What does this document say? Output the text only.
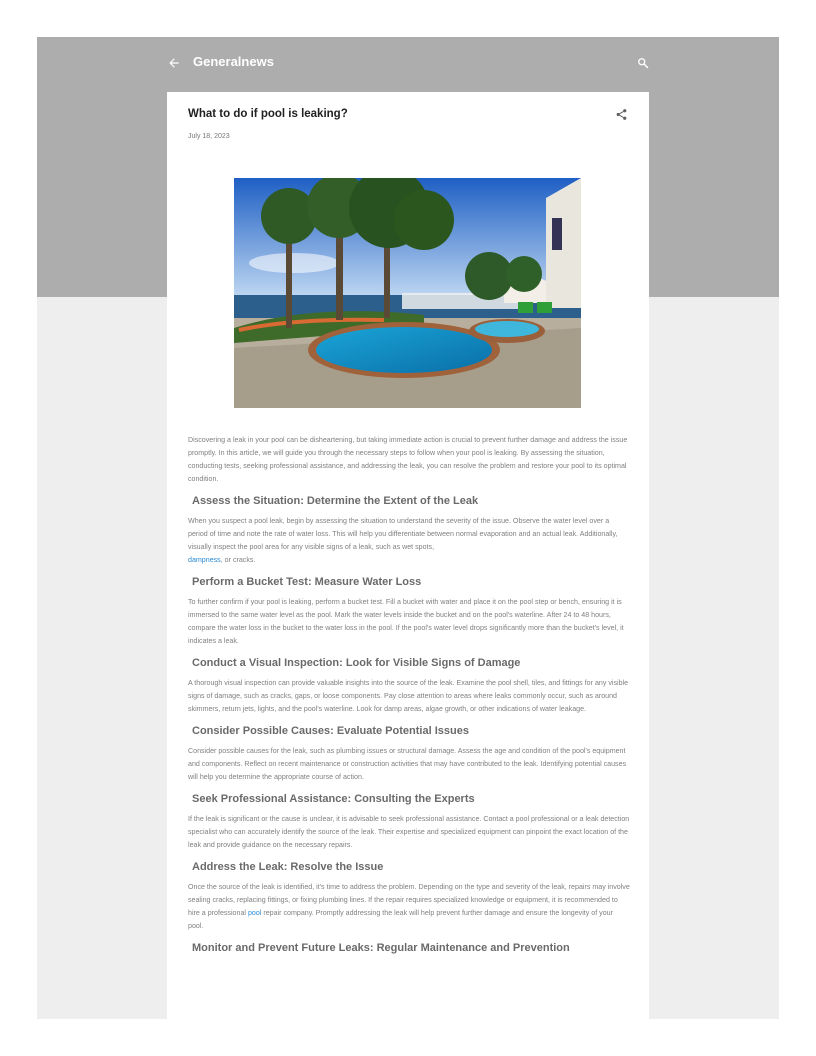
Generalnews
What to do if pool is leaking?
July 18, 2023

Discovering a leak in your pool can be disheartening, but taking immediate action is crucial to prevent further damage and address the issue promptly. In this article, we will guide you through the necessary steps to follow when your pool is leaking. By assessing the situation, conducting tests, seeking professional assistance, and addressing the leak, you can resolve the problem and restore your pool to its optimal condition.

Assess the Situation: Determine the Extent of the Leak

When you suspect a pool leak, begin by assessing the situation to understand the severity of the issue. Observe the water level over a period of time and note the rate of water loss. This will help you differentiate between normal evaporation and an actual leak. Additionally, visually inspect the pool area for any visible signs of a leak, such as wet spots,
dampness, or cracks.

Perform a Bucket Test: Measure Water Loss

To further confirm if your pool is leaking, perform a bucket test. Fill a bucket with water and place it on the pool step or bench, ensuring it is immersed to the same water level as the pool. Mark the water levels inside the bucket and on the pool's waterline. After 24 to 48 hours, compare the water loss in the bucket to the water loss in the pool. If the pool's water level drops significantly more than the bucket's level, it indicates a leak.

Conduct a Visual Inspection: Look for Visible Signs of Damage

A thorough visual inspection can provide valuable insights into the source of the leak. Examine the pool shell, tiles, and fittings for any visible signs of damage, such as cracks, gaps, or loose components. Pay close attention to areas where leaks commonly occur, such as around skimmers, return jets, lights, and the pool's waterline. Look for damp areas, algae growth, or other indications of water leakage.

Consider Possible Causes: Evaluate Potential Issues

Consider possible causes for the leak, such as plumbing issues or structural damage. Assess the age and condition of the pool's equipment and components. Reflect on recent maintenance or construction activities that may have contributed to the leak. Identifying potential causes will help you determine the appropriate course of action.

Seek Professional Assistance: Consulting the Experts

If the leak is significant or the cause is unclear, it is advisable to seek professional assistance. Contact a pool professional or a leak detection specialist who can accurately identify the source of the leak. Their expertise and specialized equipment can pinpoint the exact location of the leak and provide guidance on the necessary repairs.

Address the Leak: Resolve the Issue

Once the source of the leak is identified, it's time to address the problem. Depending on the type and severity of the leak, repairs may involve sealing cracks, replacing fittings, or fixing plumbing lines. If the repair requires specialized knowledge or equipment, it is recommended to hire a professional pool repair company. Promptly addressing the leak will help prevent further damage and ensure the longevity of your pool.

Monitor and Prevent Future Leaks: Regular Maintenance and Prevention
